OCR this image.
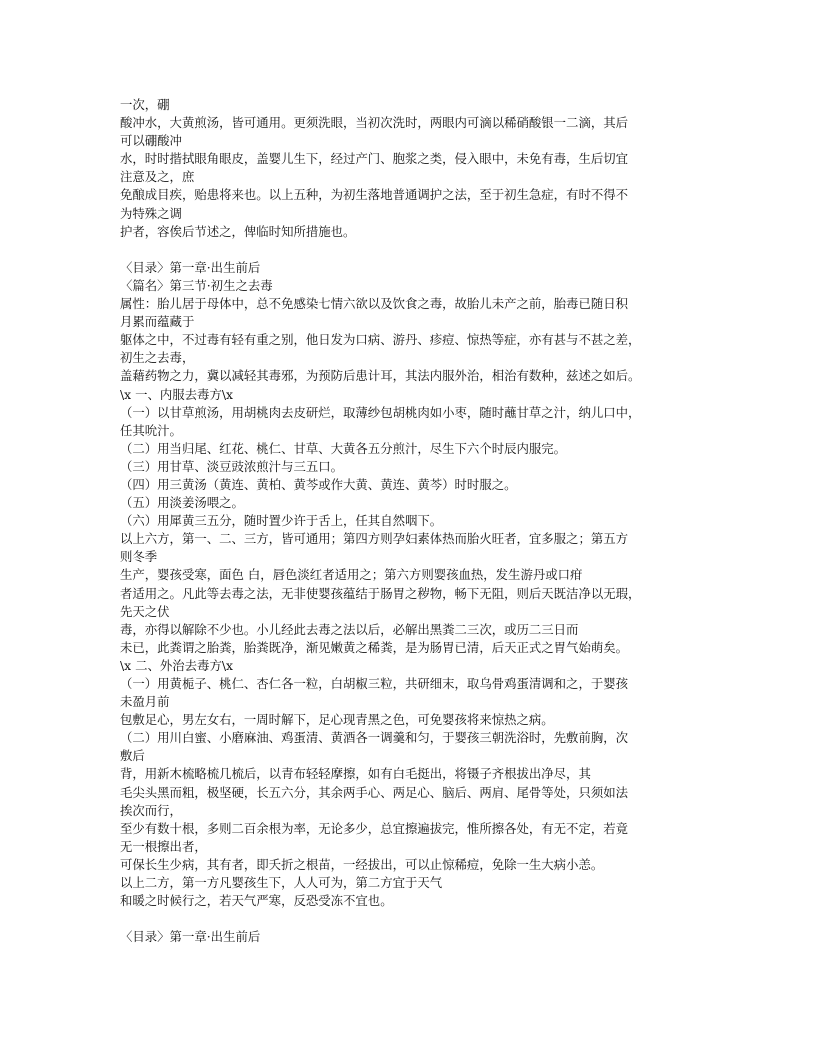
一次，硼
酸冲水，大黄煎汤，皆可通用。更须洗眼，当初次洗时，两眼内可滴以稀硝酸银一二滴，其后
可以硼酸冲
水，时时揩拭眼角眼皮，盖婴儿生下，经过产门、胞浆之类，侵入眼中，未免有毒，生后切宜
注意及之，庶
免酿成目疾，贻患将来也。以上五种，为初生落地普通调护之法，至于初生急症，有时不得不
为特殊之调
护者，容俟后节述之，俾临时知所措施也。
〈目录〉第一章·出生前后
〈篇名〉第三节·初生之去毒
属性：胎儿居于母体中，总不免感染七情六欲以及饮食之毒，故胎儿未产之前，胎毒已随日积
月累而蕴藏于
躯体之中，不过毒有轻有重之别，他日发为口病、游丹、疹痘、惊热等症，亦有甚与不甚之差，
初生之去毒，
盖藉药物之力，冀以减轻其毒邪，为预防后患计耳，其法内服外治，相治有数种，兹述之如后。
\x 一、内服去毒方\x
（一）以甘草煎汤，用胡桃肉去皮研烂，取薄纱包胡桃肉如小枣，随时蘸甘草之汁，纳儿口中，
任其吮汁。
（二）用当归尾、红花、桃仁、甘草、大黄各五分煎汁，尽生下六个时辰内服完。
（三）用甘草、淡豆豉浓煎汁与三五口。
（四）用三黄汤（黄连、黄柏、黄芩或作大黄、黄连、黄芩）时时服之。
（五）用淡姜汤喂之。
（六）用犀黄三五分，随时置少许于舌上，任其自然咽下。
以上六方，第一、二、三方，皆可通用；第四方则孕妇素体热而胎火旺者，宜多服之；第五方
则冬季
生产，婴孩受寒，面色 白，唇色淡红者适用之；第六方则婴孩血热，发生游丹或口疳
者适用之。凡此等去毒之法，无非使婴孩蕴结于肠胃之秽物，畅下无阻，则后天既洁净以无瑕，
先天之伏
毒，亦得以解除不少也。小儿经此去毒之法以后，必解出黑粪二三次，或历二三日而
未已，此粪谓之胎粪，胎粪既净，渐见嫩黄之稀粪，是为肠胃已清，后天正式之胃气始萌矣。
\x 二、外治去毒方\x
（一）用黄栀子、桃仁、杏仁各一粒，白胡椒三粒，共研细末，取乌骨鸡蛋清调和之，于婴孩
未盈月前
包敷足心，男左女右，一周时解下，足心现青黑之色，可免婴孩将来惊热之病。
（二）用川白蜜、小磨麻油、鸡蛋清、黄酒各一调羹和匀，于婴孩三朝洗浴时，先敷前胸，次
敷后
背，用新木梳略梳几梳后，以青布轻轻摩擦，如有白毛挺出，将镊子齐根拔出净尽，其
毛尖头黑而粗，极坚硬，长五六分，其余两手心、两足心、脑后、两肩、尾骨等处，只须如法
挨次而行，
至少有数十根，多则二百余根为率，无论多少，总宜擦遍拔完，惟所擦各处，有无不定，若竟
无一根擦出者，
可保长生少病，其有者，即夭折之根苗，一经拔出，可以止惊稀痘，免除一生大病小恙。
以上二方，第一方凡婴孩生下，人人可为，第二方宜于天气
和暖之时候行之，若天气严寒，反恐受冻不宜也。
〈目录〉第一章·出生前后
